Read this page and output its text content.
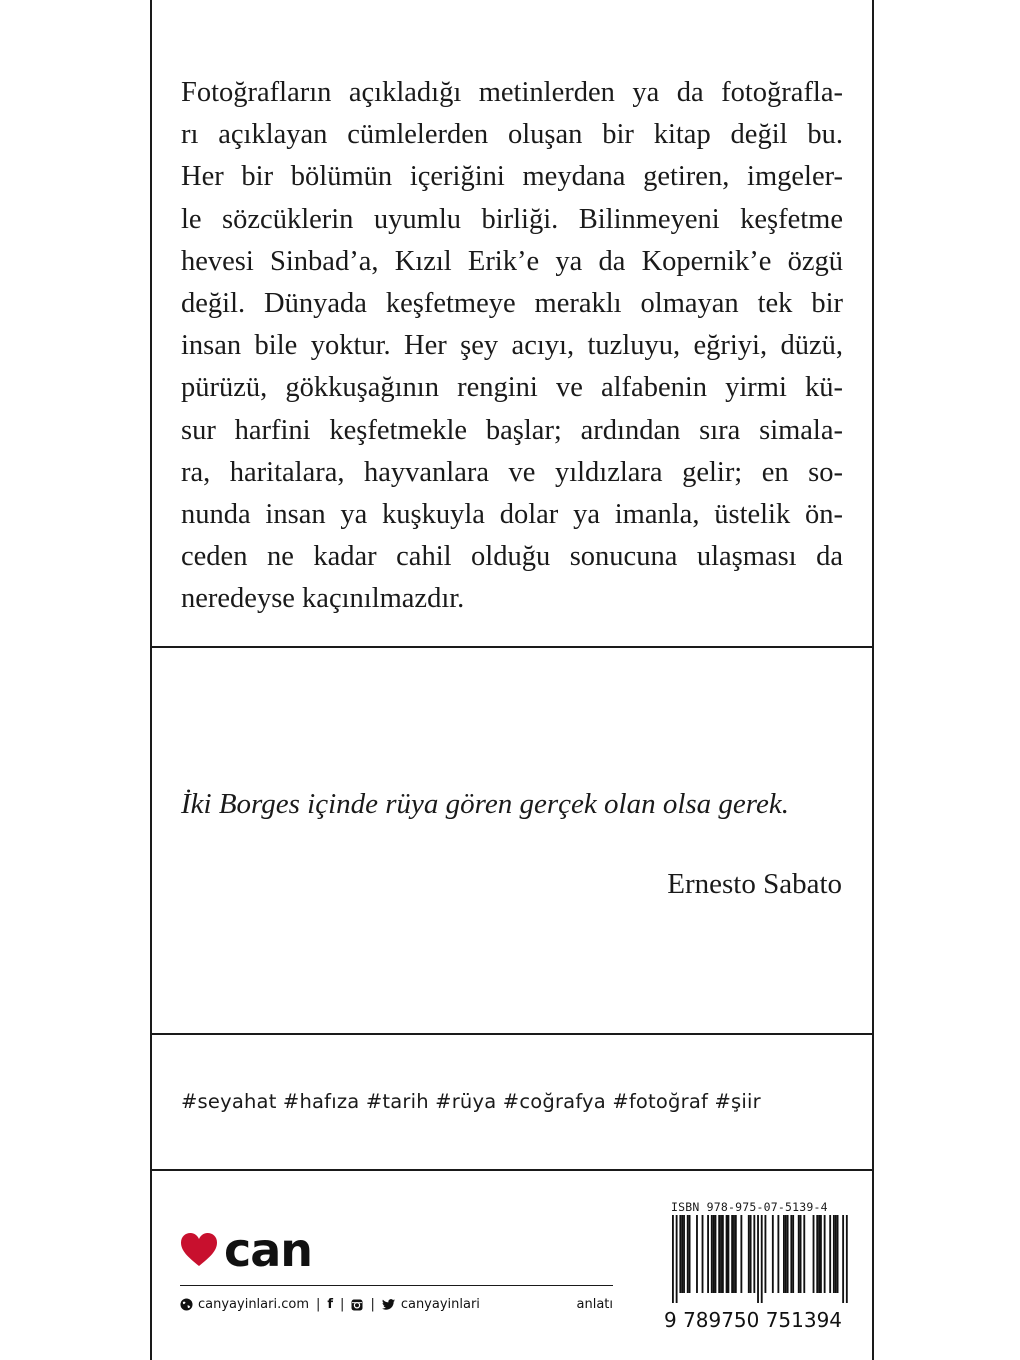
Fotoğrafların açıkladığı metinlerden ya da fotoğrafla-
rı açıklayan cümlelerden oluşan bir kitap değil bu.
Her bir bölümün içeriğini meydana getiren, imgeler-
le sözcüklerin uyumlu birliği. Bilinmeyeni keşfetme
hevesi Sinbad’a, Kızıl Erik’e ya da Kopernik’e özgü
değil. Dünyada keşfetmeye meraklı olmayan tek bir
insan bile yoktur. Her şey acıyı, tuzluyu, eğriyi, düzü,
pürüzü, gökkuşağının rengini ve alfabenin yirmi kü-
sur harfini keşfetmekle başlar; ardından sıra simala-
ra, haritalara, hayvanlara ve yıldızlara gelir; en so-
nunda insan ya kuşkuyla dolar ya imanla, üstelik ön-
ceden ne kadar cahil olduğu sonucuna ulaşması da
neredeyse kaçınılmazdır.
İki Borges içinde rüya gören gerçek olan olsa gerek.
Ernesto Sabato
#seyahat #hafıza #tarih #rüya #coğrafya #fotoğraf #şiir
can
canyayinlari.com | f | | canyayinlari	anlatı
ISBN 978-975-07-5139-4
9 789750 751394
